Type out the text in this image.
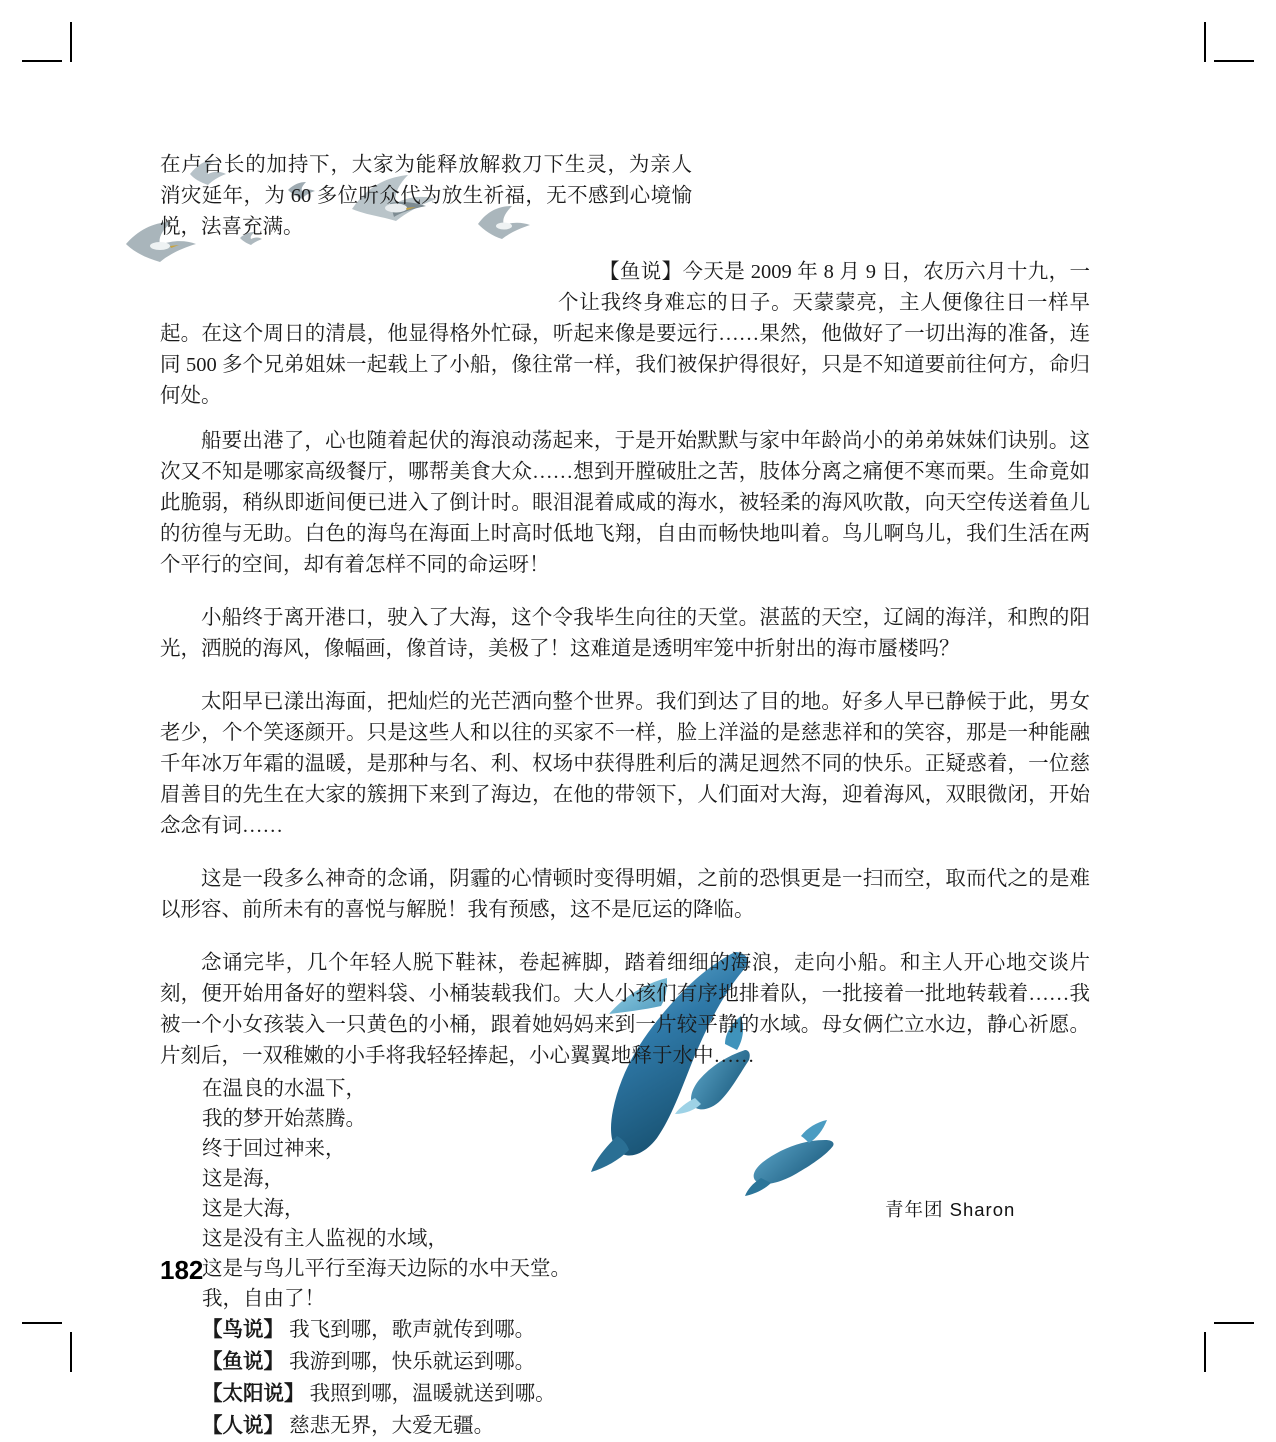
在卢台长的加持下，大家为能释放解救刀下生灵，为亲人消灾延年，为 60 多位听众代为放生祈福，无不感到心境愉悦，法喜充满。

【鱼说】今天是 2009 年 8 月 9 日，农历六月十九，一个让我终身难忘的日子。天蒙蒙亮，主人便像往日一样早起。在这个周日的清晨，他显得格外忙碌，听起来像是要远行……果然，他做好了一切出海的准备，连同 500 多个兄弟姐妹一起载上了小船，像往常一样，我们被保护得很好，只是不知道要前往何方，命归何处。

船要出港了，心也随着起伏的海浪动荡起来，于是开始默默与家中年龄尚小的弟弟妹妹们诀别。这次又不知是哪家高级餐厅，哪帮美食大众……想到开膛破肚之苦，肢体分离之痛便不寒而栗。生命竟如此脆弱，稍纵即逝间便已进入了倒计时。眼泪混着咸咸的海水，被轻柔的海风吹散，向天空传送着鱼儿的彷徨与无助。白色的海鸟在海面上时高时低地飞翔，自由而畅快地叫着。鸟儿啊鸟儿，我们生活在两个平行的空间，却有着怎样不同的命运呀！

小船终于离开港口，驶入了大海，这个令我毕生向往的天堂。湛蓝的天空，辽阔的海洋，和煦的阳光，洒脱的海风，像幅画，像首诗，美极了！这难道是透明牢笼中折射出的海市蜃楼吗？

太阳早已漾出海面，把灿烂的光芒洒向整个世界。我们到达了目的地。好多人早已静候于此，男女老少，个个笑逐颜开。只是这些人和以往的买家不一样，脸上洋溢的是慈悲祥和的笑容，那是一种能融千年冰万年霜的温暖，是那种与名、利、权场中获得胜利后的满足迥然不同的快乐。正疑惑着，一位慈眉善目的先生在大家的簇拥下来到了海边，在他的带领下，人们面对大海，迎着海风，双眼微闭，开始念念有词……

这是一段多么神奇的念诵，阴霾的心情顿时变得明媚，之前的恐惧更是一扫而空，取而代之的是难以形容、前所未有的喜悦与解脱！我有预感，这不是厄运的降临。

念诵完毕，几个年轻人脱下鞋袜，卷起裤脚，踏着细细的海浪，走向小船。和主人开心地交谈片刻，便开始用备好的塑料袋、小桶装载我们。大人小孩们有序地排着队，一批接着一批地转载着……我被一个小女孩装入一只黄色的小桶，跟着她妈妈来到一片较平静的水域。母女俩伫立水边，静心祈愿。片刻后，一双稚嫩的小手将我轻轻捧起，小心翼翼地释于水中……

在温良的水温下，
我的梦开始蒸腾。
终于回过神来，
这是海，
这是大海，
这是没有主人监视的水域，
这是与鸟儿平行至海天边际的水中天堂。
我，自由了！
【鸟说】 我飞到哪，歌声就传到哪。
【鱼说】 我游到哪，快乐就运到哪。
【太阳说】 我照到哪，温暖就送到哪。
【人说】 慈悲无界，大爱无疆。
青年团 Sharon
182
